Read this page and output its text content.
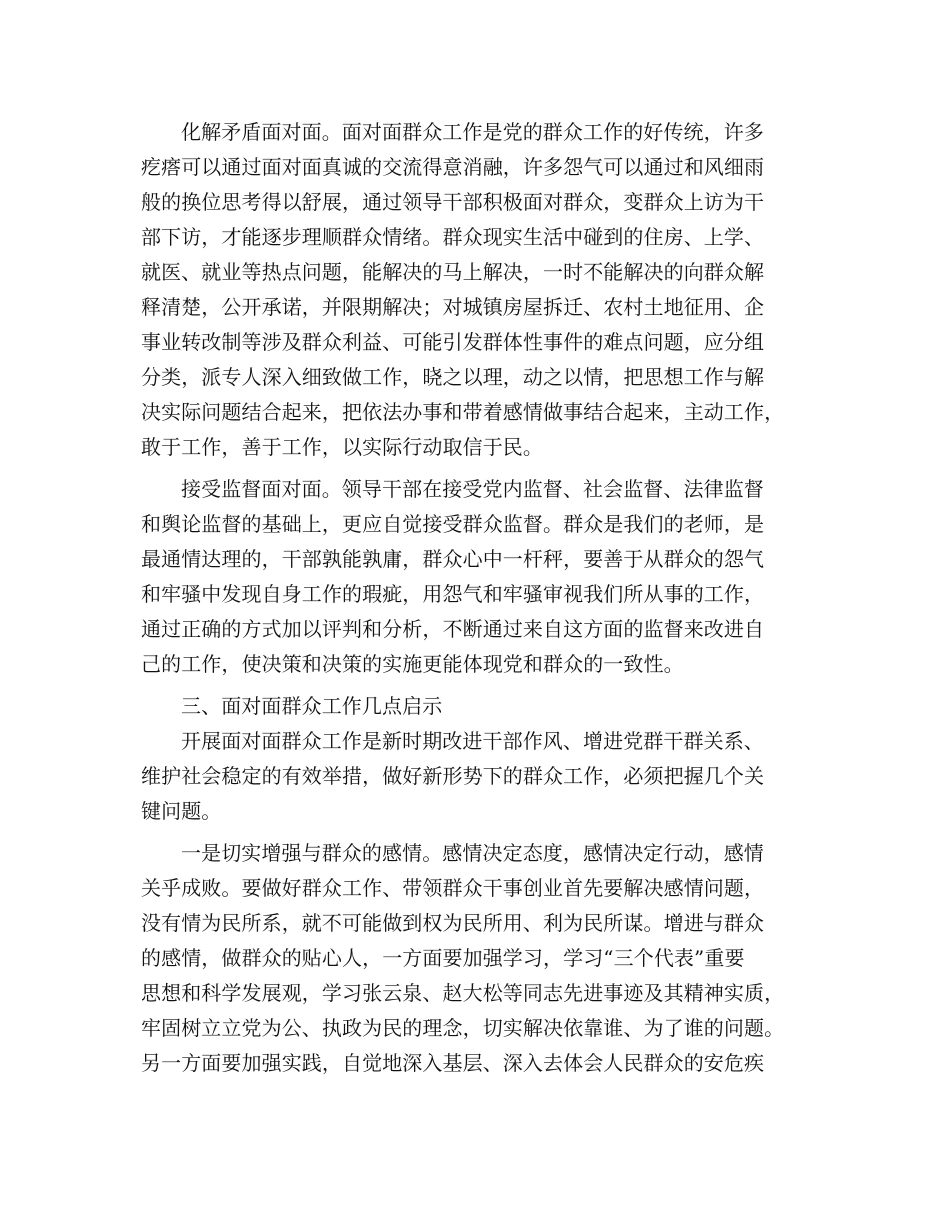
化解矛盾面对面。面对面群众工作是党的群众工作的好传统，许多
疙瘩可以通过面对面真诚的交流得意消融，许多怨气可以通过和风细雨
般的换位思考得以舒展，通过领导干部积极面对群众，变群众上访为干
部下访，才能逐步理顺群众情绪。群众现实生活中碰到的住房、上学、
就医、就业等热点问题，能解决的马上解决，一时不能解决的向群众解
释清楚，公开承诺，并限期解决；对城镇房屋拆迁、农村土地征用、企
事业转改制等涉及群众利益、可能引发群体性事件的难点问题，应分组
分类，派专人深入细致做工作，晓之以理，动之以情，把思想工作与解
决实际问题结合起来，把依法办事和带着感情做事结合起来，主动工作，
敢于工作，善于工作，以实际行动取信于民。
接受监督面对面。领导干部在接受党内监督、社会监督、法律监督
和舆论监督的基础上，更应自觉接受群众监督。群众是我们的老师，是
最通情达理的，干部孰能孰庸，群众心中一杆秤，要善于从群众的怨气
和牢骚中发现自身工作的瑕疵，用怨气和牢骚审视我们所从事的工作，
通过正确的方式加以评判和分析，不断通过来自这方面的监督来改进自
己的工作，使决策和决策的实施更能体现党和群众的一致性。
三、面对面群众工作几点启示
开展面对面群众工作是新时期改进干部作风、增进党群干群关系、
维护社会稳定的有效举措，做好新形势下的群众工作，必须把握几个关
键问题。
一是切实增强与群众的感情。感情决定态度，感情决定行动，感情
关乎成败。要做好群众工作、带领群众干事创业首先要解决感情问题，
没有情为民所系，就不可能做到权为民所用、利为民所谋。增进与群众
的感情，做群众的贴心人，一方面要加强学习，学习“三个代表”重要
思想和科学发展观，学习张云泉、赵大松等同志先进事迹及其精神实质，
牢固树立立党为公、执政为民的理念，切实解决依靠谁、为了谁的问题。
另一方面要加强实践，自觉地深入基层、深入去体会人民群众的安危疾
